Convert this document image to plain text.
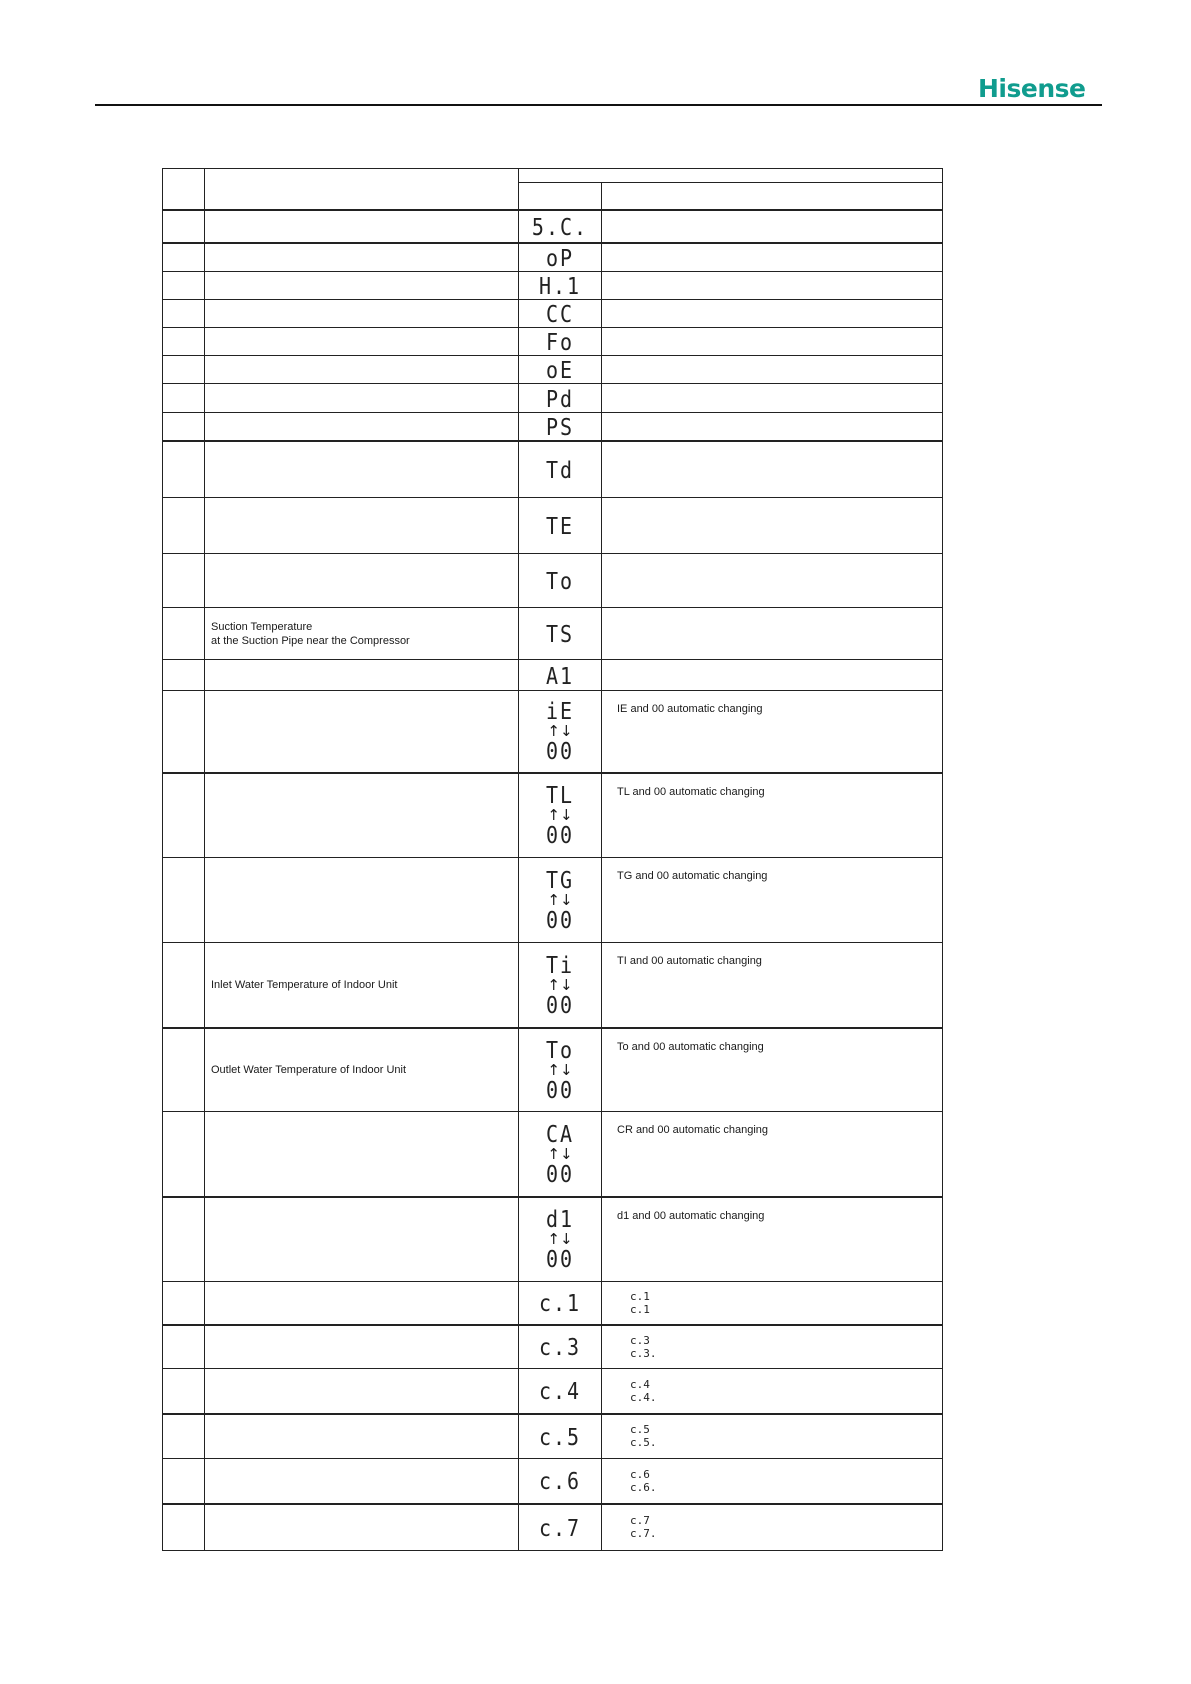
Hisense

		5.C.	
		oP	
		H.1	
		CC	
		Fo	
		oE	
		Pd	
		PS	
		Td	
		TE	
		To	

	Suction Temperature
at the Suction Pipe near the Compressor	TS	
		A1	

		iE
↑↓
00	IE and 00 automatic changing

		TL
↑↓
00	TL and 00 automatic changing

		TG
↑↓
00	TG and 00 automatic changing
	Inlet Water Temperature of Indoor Unit	Ti
↑↓
00	TI and 00 automatic changing
	Outlet Water Temperature of Indoor Unit	To
↑↓
00	To and 00 automatic changing

		CA
↑↓
00	CR and 00 automatic changing

		d1
↑↓
00	d1 and 00 automatic changing
		c.1	c.1
c.1

		c.3	c.3
c.3.

		c.4	c.4
c.4.

		c.5	c.5
c.5.

		c.6	c.6
c.6.

		c.7	c.7
c.7.
